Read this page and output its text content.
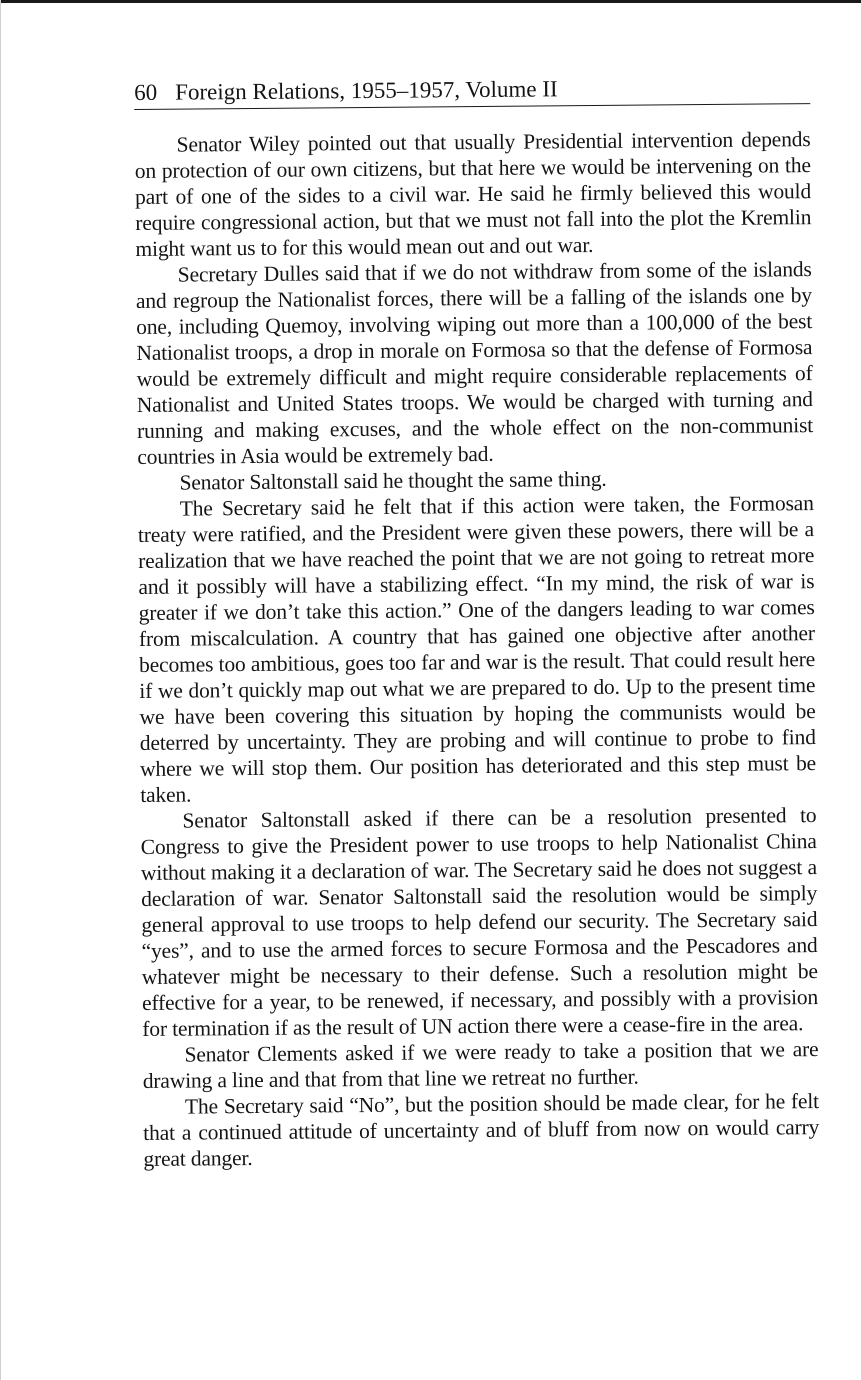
60 Foreign Relations, 1955–1957, Volume II

Senator Wiley pointed out that usually Presidential intervention depends on protection of our own citizens, but that here we would be intervening on the part of one of the sides to a civil war. He said he firmly believed this would require congressional action, but that we must not fall into the plot the Kremlin might want us to for this would mean out and out war.

Secretary Dulles said that if we do not withdraw from some of the islands and regroup the Nationalist forces, there will be a falling of the islands one by one, including Quemoy, involving wiping out more than a 100,000 of the best Nationalist troops, a drop in morale on Formosa so that the defense of Formosa would be extremely difficult and might require considerable replacements of Nationalist and United States troops. We would be charged with turning and running and making excuses, and the whole effect on the non-communist countries in Asia would be extremely bad.

Senator Saltonstall said he thought the same thing.

The Secretary said he felt that if this action were taken, the Formosan treaty were ratified, and the President were given these powers, there will be a realization that we have reached the point that we are not going to retreat more and it possibly will have a stabilizing effect. “In my mind, the risk of war is greater if we don’t take this action.” One of the dangers leading to war comes from miscalculation. A country that has gained one objective after another becomes too ambitious, goes too far and war is the result. That could result here if we don’t quickly map out what we are prepared to do. Up to the present time we have been covering this situation by hoping the communists would be deterred by uncertainty. They are probing and will continue to probe to find where we will stop them. Our position has deteriorated and this step must be taken.

Senator Saltonstall asked if there can be a resolution presented to Congress to give the President power to use troops to help Nationalist China without making it a declaration of war. The Secretary said he does not suggest a declaration of war. Senator Saltonstall said the resolution would be simply general approval to use troops to help defend our security. The Secretary said “yes”, and to use the armed forces to secure Formosa and the Pescadores and whatever might be necessary to their defense. Such a resolution might be effective for a year, to be renewed, if necessary, and possibly with a provision for termination if as the result of UN action there were a cease-fire in the area.

Senator Clements asked if we were ready to take a position that we are drawing a line and that from that line we retreat no further.

The Secretary said “No”, but the position should be made clear, for he felt that a continued attitude of uncertainty and of bluff from now on would carry great danger.
